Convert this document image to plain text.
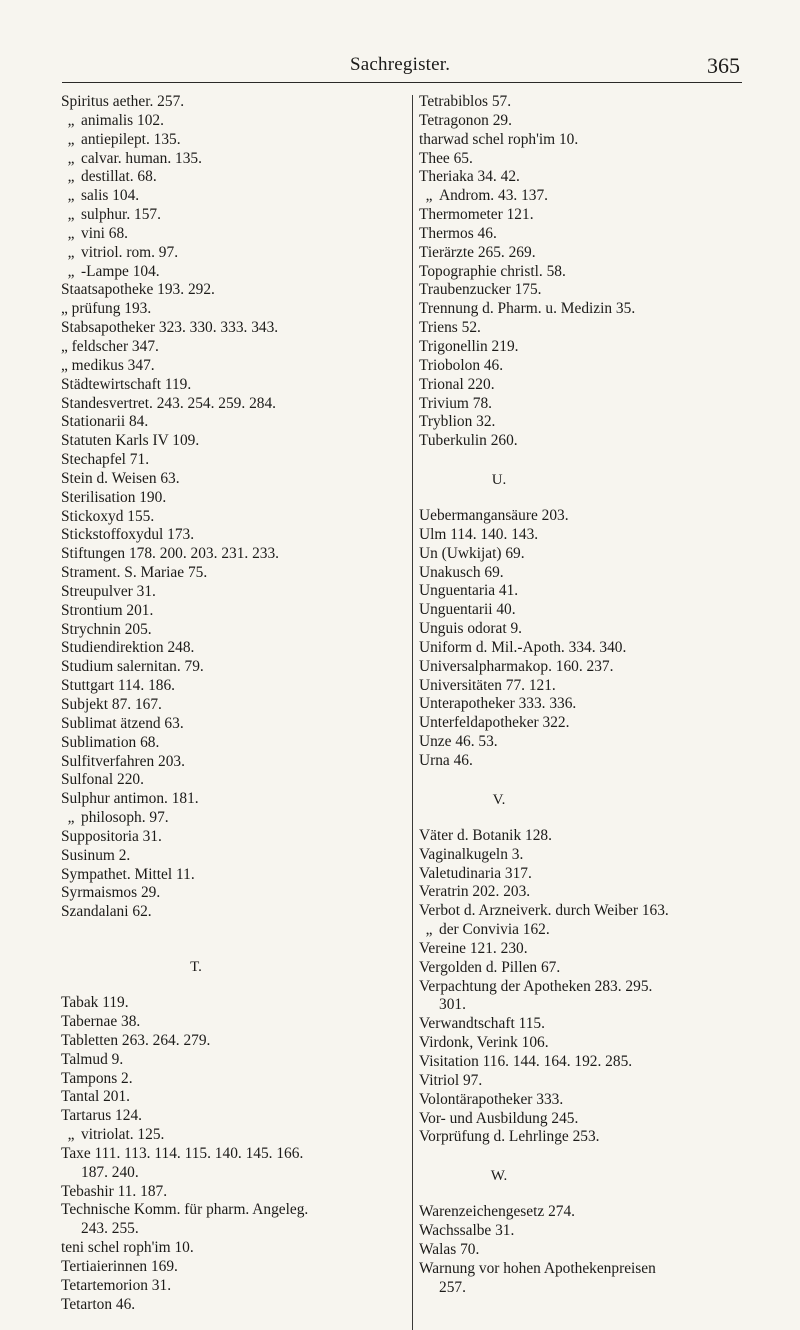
Sachregister.	365
Spiritus aether. 257.
„ animalis 102.
„ antiepilept. 135.
„ calvar. human. 135.
„ destillat. 68.
„ salis 104.
„ sulphur. 157.
„ vini 68.
„ vitriol. rom. 97.
„ -Lampe 104.
Staatsapotheke 193. 292.
„ prüfung 193.
Stabsapotheker 323. 330. 333. 343.
„ feldscher 347.
„ medikus 347.
Städtewirtschaft 119.
Standesvertret. 243. 254. 259. 284.
Stationarii 84.
Statuten Karls IV 109.
Stechapfel 71.
Stein d. Weisen 63.
Sterilisation 190.
Stickoxyd 155.
Stickstoffoxydul 173.
Stiftungen 178. 200. 203. 231. 233.
Strament. S. Mariae 75.
Streupulver 31.
Strontium 201.
Strychnin 205.
Studiendirektion 248.
Studium salernitan. 79.
Stuttgart 114. 186.
Subjekt 87. 167.
Sublimat ätzend 63.
Sublimation 68.
Sulfitverfahren 203.
Sulfonal 220.
Sulphur antimon. 181.
„ philosoph. 97.
Suppositoria 31.
Susinum 2.
Sympathet. Mittel 11.
Syrmaismos 29.
Szandalani 62.
T.
Tabak 119.
Tabernae 38.
Tabletten 263. 264. 279.
Talmud 9.
Tampons 2.
Tantal 201.
Tartarus 124.
„ vitriolat. 125.
Taxe 111. 113. 114. 115. 140. 145. 166.
187. 240.
Tebashir 11. 187.
Technische Komm. für pharm. Angeleg.
243. 255.
teni schel roph'im 10.
Tertiaierinnen 169.
Tetartemorion 31.
Tetarton 46.
Tetrabiblos 57.
Tetragonon 29.
tharwad schel roph'im 10.
Thee 65.
Theriaka 34. 42.
„ Androm. 43. 137.
Thermometer 121.
Thermos 46.
Tierärzte 265. 269.
Topographie christl. 58.
Traubenzucker 175.
Trennung d. Pharm. u. Medizin 35.
Triens 52.
Trigonellin 219.
Triobolon 46.
Trional 220.
Trivium 78.
Tryblion 32.
Tuberkulin 260.
U.
Uebermangansäure 203.
Ulm 114. 140. 143.
Un (Uwkijat) 69.
Unakusch 69.
Unguentaria 41.
Unguentarii 40.
Unguis odorat 9.
Uniform d. Mil.-Apoth. 334. 340.
Universalpharmakop. 160. 237.
Universitäten 77. 121.
Unterapotheker 333. 336.
Unterfeldapotheker 322.
Unze 46. 53.
Urna 46.
V.
Väter d. Botanik 128.
Vaginalkugeln 3.
Valetudinaria 317.
Veratrin 202. 203.
Verbot d. Arzneiverk. durch Weiber 163.
„ der Convivia 162.
Vereine 121. 230.
Vergolden d. Pillen 67.
Verpachtung der Apotheken 283. 295.
301.
Verwandtschaft 115.
Virdonk, Verink 106.
Visitation 116. 144. 164. 192. 285.
Vitriol 97.
Volontärapotheker 333.
Vor- und Ausbildung 245.
Vorprüfung d. Lehrlinge 253.
W.
Warenzeichengesetz 274.
Wachssalbe 31.
Walas 70.
Warnung vor hohen Apothekenpreisen
257.
